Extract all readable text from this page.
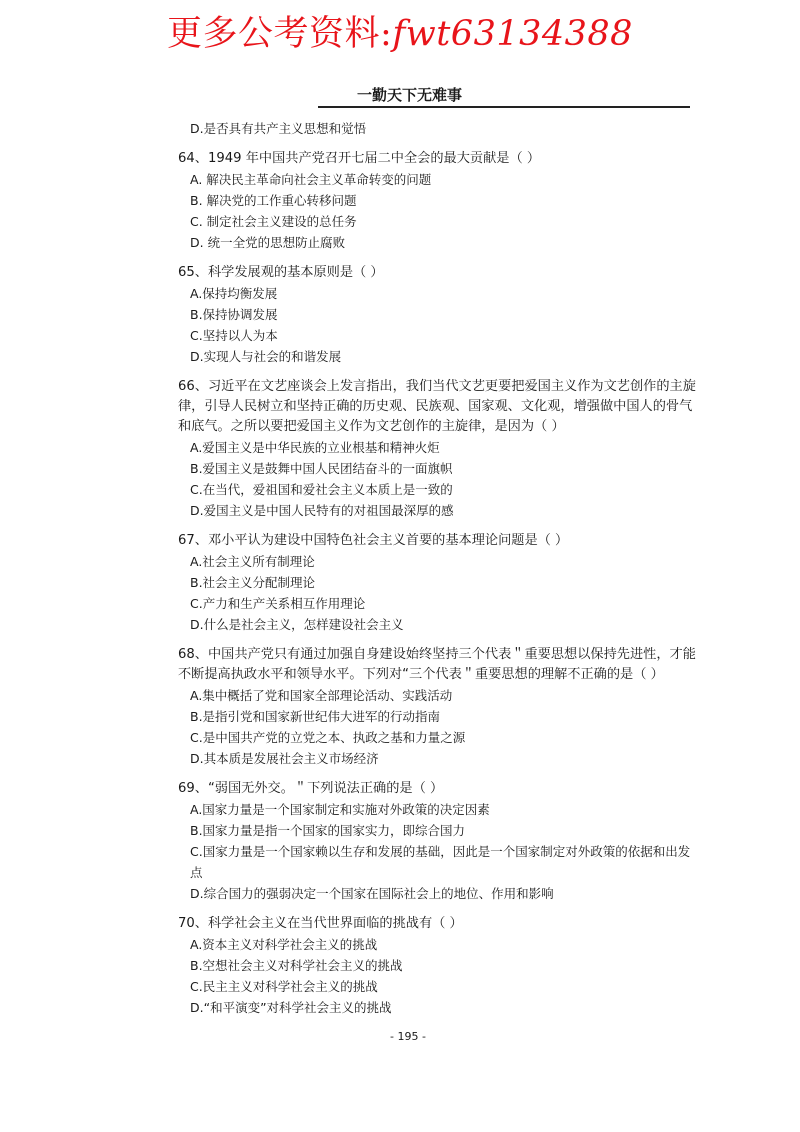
更多公考资料:fwt63134388
一勤天下无难事

D.是否具有共产主义思想和觉悟

64、1949 年中国共产党召开七届二中全会的最大贡献是（ ）

A. 解决民主革命向社会主义革命转变的问题

B. 解决党的工作重心转移问题

C. 制定社会主义建设的总任务

D. 统一全党的思想防止腐败

65、科学发展观的基本原则是（ ）

A.保持均衡发展

B.保持协调发展

C.坚持以人为本

D.实现人与社会的和谐发展

66、习近平在文艺座谈会上发言指出，我们当代文艺更要把爱国主义作为文艺创作的主旋律，引导人民树立和坚持正确的历史观、民族观、国家观、文化观，增强做中国人的骨气和底气。之所以要把爱国主义作为文艺创作的主旋律，是因为（ ）

A.爱国主义是中华民族的立业根基和精神火炬

B.爱国主义是鼓舞中国人民团结奋斗的一面旗帜

C.在当代，爱祖国和爱社会主义本质上是一致的

D.爱国主义是中国人民特有的对祖国最深厚的感

67、邓小平认为建设中国特色社会主义首要的基本理论问题是（ ）

A.社会主义所有制理论

B.社会主义分配制理论

C.产力和生产关系相互作用理论

D.什么是社会主义，怎样建设社会主义

68、中国共产党只有通过加强自身建设始终坚持三个代表＂重要思想以保持先进性，才能不断提高执政水平和领导水平。下列对“三个代表＂重要思想的理解不正确的是（ ）

A.集中概括了党和国家全部理论活动、实践活动

B.是指引党和国家新世纪伟大进军的行动指南

C.是中国共产党的立党之本、执政之基和力量之源

D.其本质是发展社会主义市场经济

69、“弱国无外交。＂下列说法正确的是（ ）

A.国家力量是一个国家制定和实施对外政策的决定因素

B.国家力量是指一个国家的国家实力，即综合国力

C.国家力量是一个国家赖以生存和发展的基础，因此是一个国家制定对外政策的依据和出发点

D.综合国力的强弱决定一个国家在国际社会上的地位、作用和影响

70、科学社会主义在当代世界面临的挑战有（ ）

A.资本主义对科学社会主义的挑战

B.空想社会主义对科学社会主义的挑战

C.民主主义对科学社会主义的挑战

D.“和平演变”对科学社会主义的挑战

- 195 -
